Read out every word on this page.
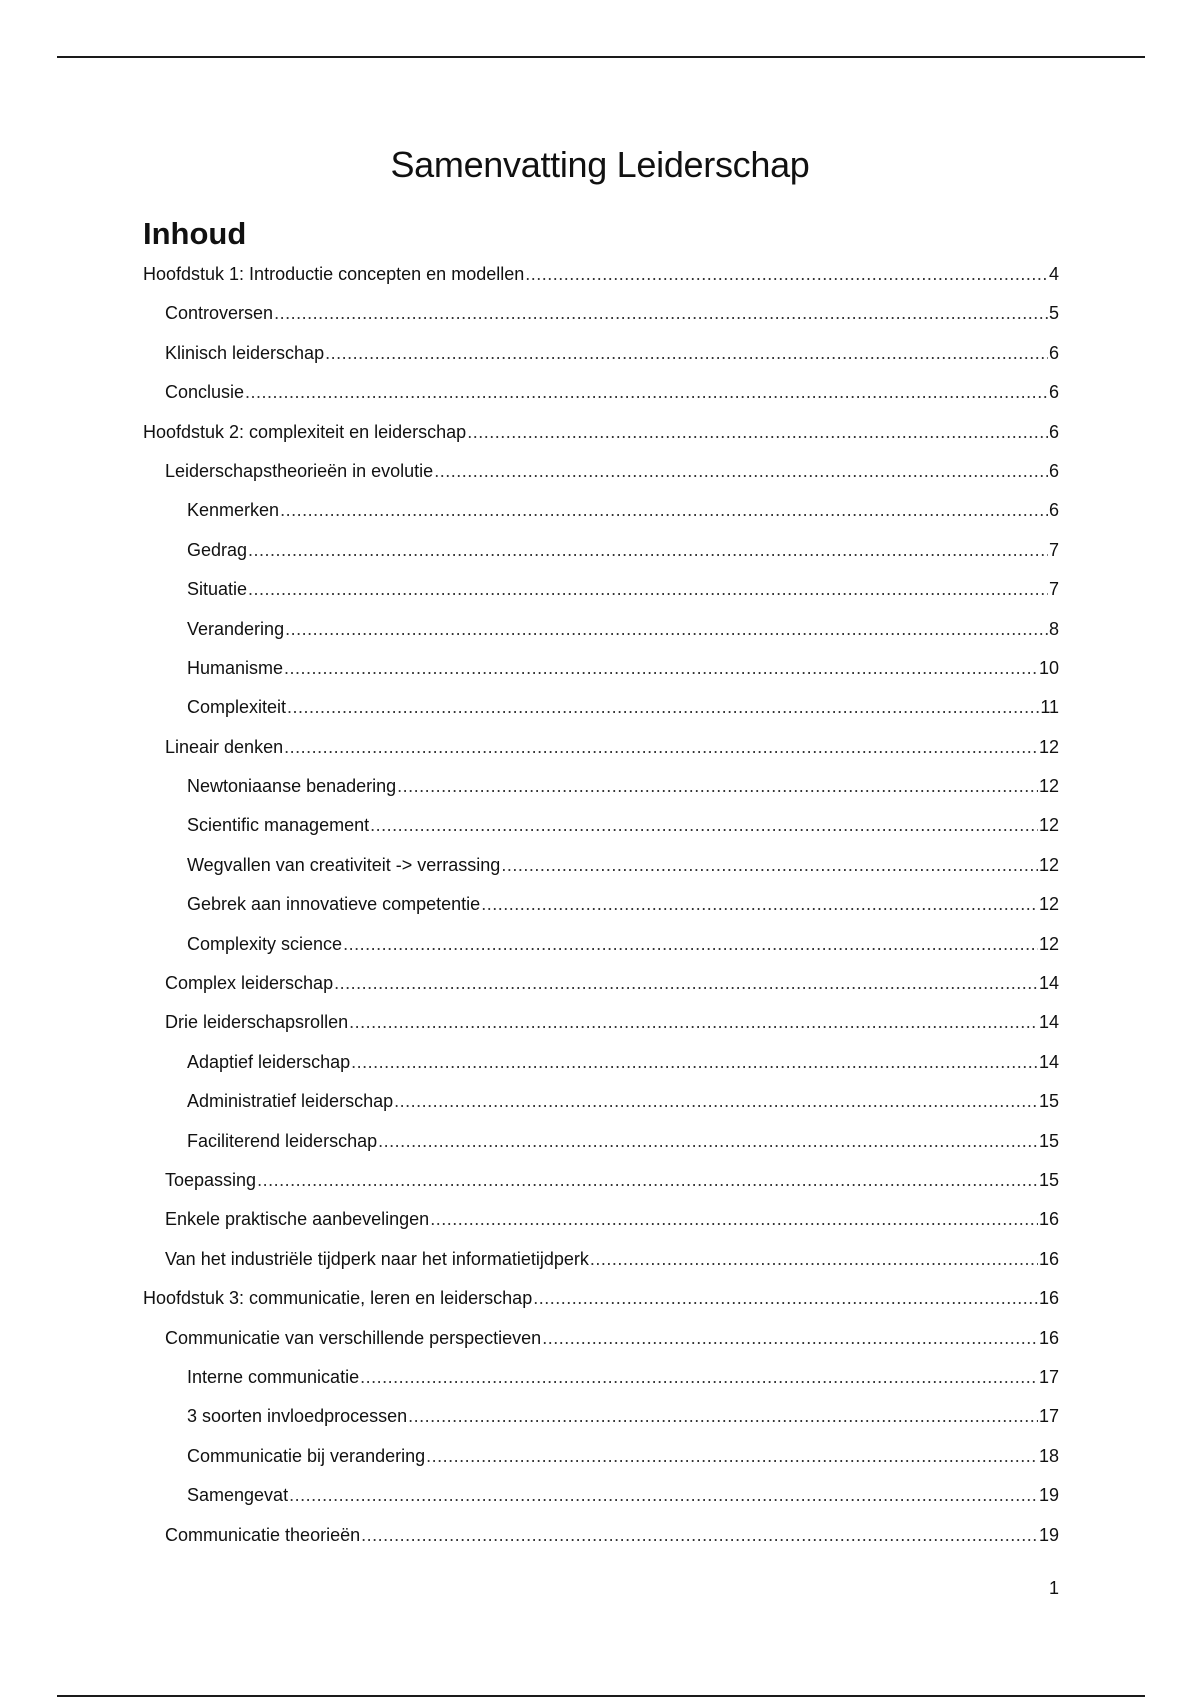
Samenvatting Leiderschap
Inhoud
Hoofdstuk 1: Introductie concepten en modellen .....	4
Controversen .....	5
Klinisch leiderschap .....	6
Conclusie .....	6
Hoofdstuk 2: complexiteit en leiderschap .....	6
Leiderschapstheorieën in evolutie .....	6
Kenmerken .....	6
Gedrag .....	7
Situatie .....	7
Verandering .....	8
Humanisme .....	10
Complexiteit .....	11
Lineair denken .....	12
Newtoniaanse benadering .....	12
Scientific management .....	12
Wegvallen van creativiteit -> verrassing .....	12
Gebrek aan innovatieve competentie .....	12
Complexity science .....	12
Complex leiderschap .....	14
Drie leiderschapsrollen .....	14
Adaptief leiderschap .....	14
Administratief leiderschap .....	15
Faciliterend leiderschap .....	15
Toepassing .....	15
Enkele praktische aanbevelingen .....	16
Van het industriële tijdperk naar het informatietijdperk .....	16
Hoofdstuk 3: communicatie, leren en leiderschap .....	16
Communicatie van verschillende perspectieven .....	16
Interne communicatie .....	17
3 soorten invloedprocessen .....	17
Communicatie bij verandering .....	18
Samengevat .....	19
Communicatie theorieën .....	19
1
